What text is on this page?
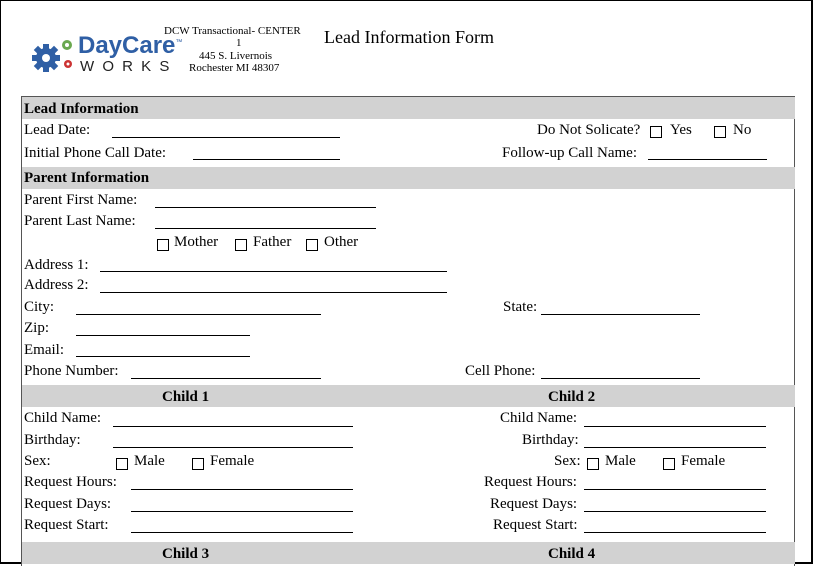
DayCare™
W O R K S
DCW Transactional- CENTER
1
445 S. Livernois
Rochester MI 48307
Lead Information Form
Lead Information
Lead Date:	Do Not Solicate? Yes	No
Initial Phone Call Date:	Follow-up Call Name:
Parent Information
Parent First Name:
Parent Last Name:
Mother Father Other
Address 1:
Address 2:
City:	State:
Zip:
Email:
Phone Number:	Cell Phone:
Child 1	Child 2
Child Name:	Child Name:
Birthday:	Birthday:
Sex:	Male	Female	Sex: Male	Female
Request Hours:	Request Hours:
Request Days:	Request Days:
Request Start:	Request Start:
Child 3	Child 4
